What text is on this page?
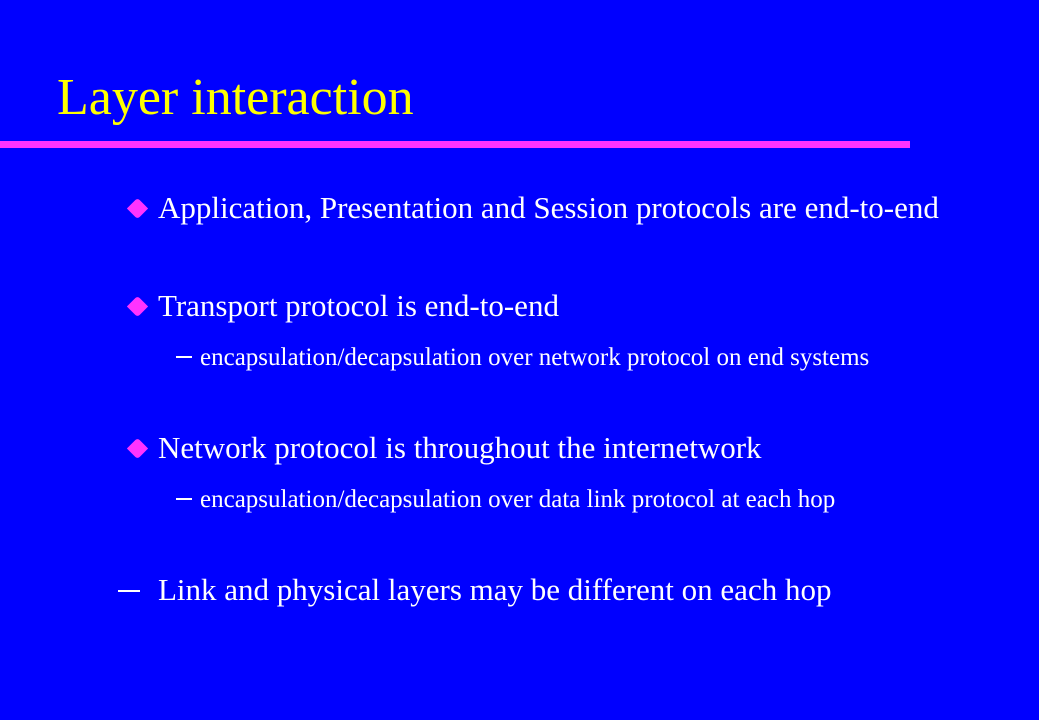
Layer interaction
Application, Presentation and Session protocols are end-to-end
Transport protocol is end-to-end
encapsulation/decapsulation over network protocol on end systems
Network protocol is throughout the internetwork
encapsulation/decapsulation over data link protocol at each hop
Link and physical layers may be different on each hop
